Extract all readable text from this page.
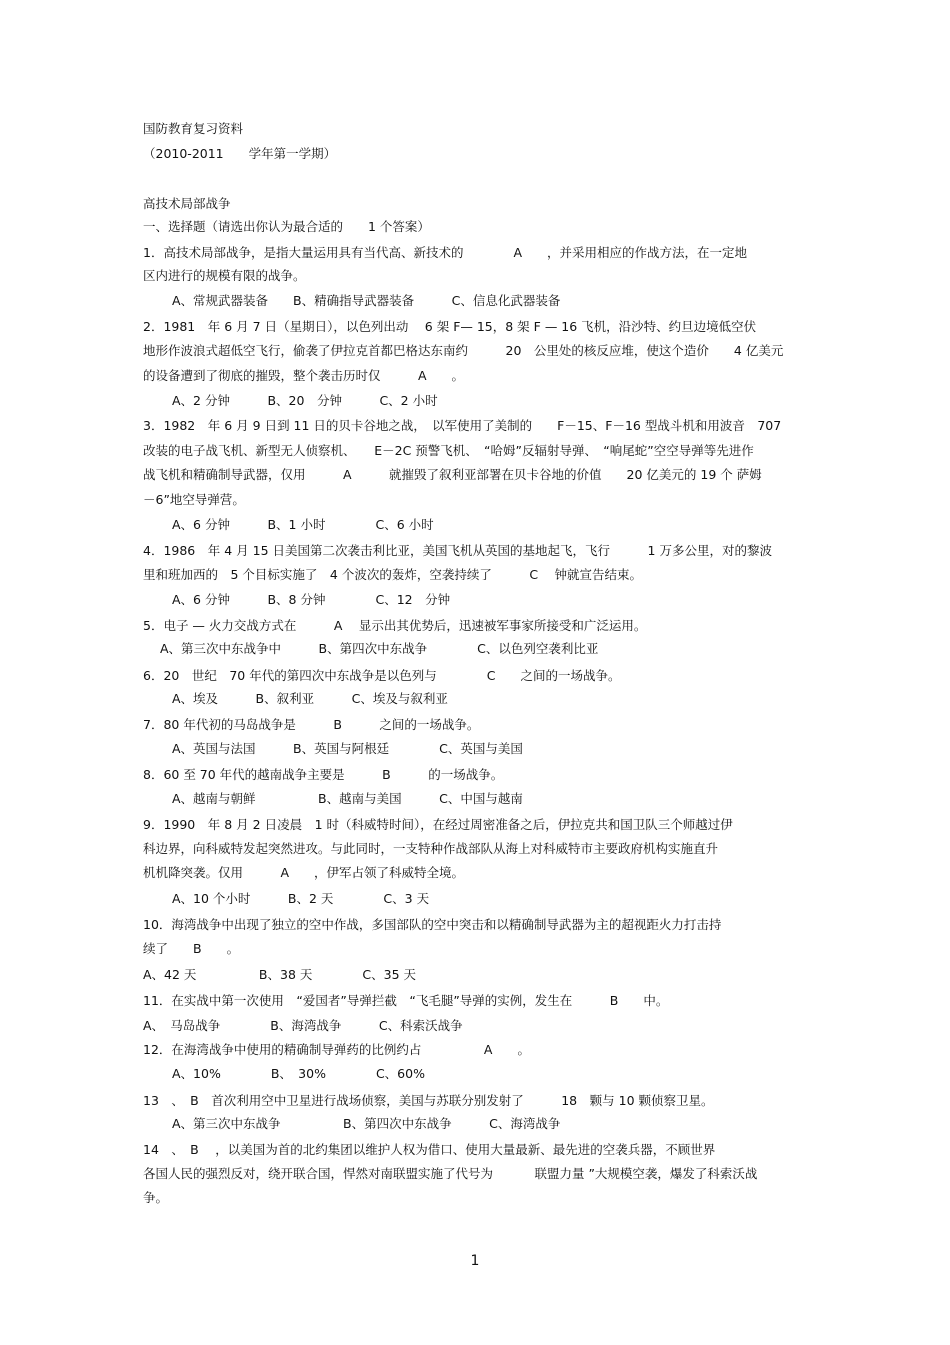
国防教育复习资料
（2010-2011　　学年第一学期）
高技术局部战争
一、选择题（请选出你认为最合适的　　1 个答案）
1．高技术局部战争，是指大量运用具有当代高、新技术的　　　　A　　，并采用相应的作战方法，在一定地
区内进行的规模有限的战争。
A、常规武器装备　　B、精确指导武器装备　　　C、信息化武器装备
2．1981　年 6 月 7 日（星期日），以色列出动　 6 架 F— 15，8 架 F — 16 飞机，沿沙特、约旦边境低空伏
地形作波浪式超低空飞行，偷袭了伊拉克首都巴格达东南约　　　20　公里处的核反应堆，使这个造价　　4 亿美元
的设备遭到了彻底的摧毁，整个袭击历时仅　　　A　　。
A、2 分钟　　　B、20　分钟　　　C、2 小时
3．1982　年 6 月 9 日到 11 日的贝卡谷地之战，　以军使用了美制的　　F－15、F－16 型战斗机和用波音　707
改装的电子战飞机、新型无人侦察机、　　E－2C 预警飞机、　“哈姆”反辐射导弹、　“响尾蛇”空空导弹等先进作
战飞机和精确制导武器，仅用　　　A　　　就摧毁了叙利亚部署在贝卡谷地的价值　　20 亿美元的 19 个 萨姆
－6”地空导弹营。
A、6 分钟　　　B、1 小时　　　　C、6 小时
4．1986　年 4 月 15 日美国第二次袭击利比亚，美国飞机从英国的基地起飞，飞行　　　1 万多公里，对的黎波
里和班加西的　5 个目标实施了　4 个波次的轰炸，空袭持续了　　　C　 钟就宣告结束。
A、6 分钟　　　B、8 分钟　　　　C、12　分钟
5．电子 — 火力交战方式在　　　A　 显示出其优势后，迅速被军事家所接受和广泛运用。
A、第三次中东战争中　　　B、第四次中东战争　　　　C、以色列空袭利比亚
6．20　世纪　70 年代的第四次中东战争是以色列与　　　　C　　之间的一场战争。
A、埃及　　　B、叙利亚　　　C、埃及与叙利亚
7．80 年代初的马岛战争是　　　B　　　之间的一场战争。
A、英国与法国　　　B、英国与阿根廷　　　　C、英国与美国
8．60 至 70 年代的越南战争主要是　　　B　　　的一场战争。
A、越南与朝鲜　　　　　B、越南与美国　　　C、中国与越南
9．1990　年 8 月 2 日凌晨　1 时（科威特时间），在经过周密准备之后，伊拉克共和国卫队三个师越过伊
科边界，向科威特发起突然进攻。与此同时，一支特种作战部队从海上对科威特市主要政府机构实施直升
机机降突袭。仅用　　　A　　，伊军占领了科威特全境。
A、10 个小时　　　B、2 天　　　　C、3 天
10．海湾战争中出现了独立的空中作战，多国部队的空中突击和以精确制导武器为主的超视距火力打击持
续了　　B　　。
A、42 天　　　　　B、38 天　　　　C、35 天
11．在实战中第一次使用　“爱国者”导弹拦截　“飞毛腿”导弹的实例，发生在　　　B　　中。
A、　马岛战争　　　　B、海湾战争　　　C、科索沃战争
12．在海湾战争中使用的精确制导弹药的比例约占　　　　　A　　。
A、10%　　　　B、　30%　　　　C、60%
13　、　B　首次利用空中卫星进行战场侦察，美国与苏联分别发射了　　　18　颗与 10 颗侦察卫星。
A、第三次中东战争　　　　　B、第四次中东战争　　　C、海湾战争
14　、　B　 ，以美国为首的北约集团以维护人权为借口、使用大量最新、最先进的空袭兵器，不顾世界
各国人民的强烈反对，绕开联合国，悍然对南联盟实施了代号为　　　 联盟力量 ”大规模空袭，爆发了科索沃战
争。
1
